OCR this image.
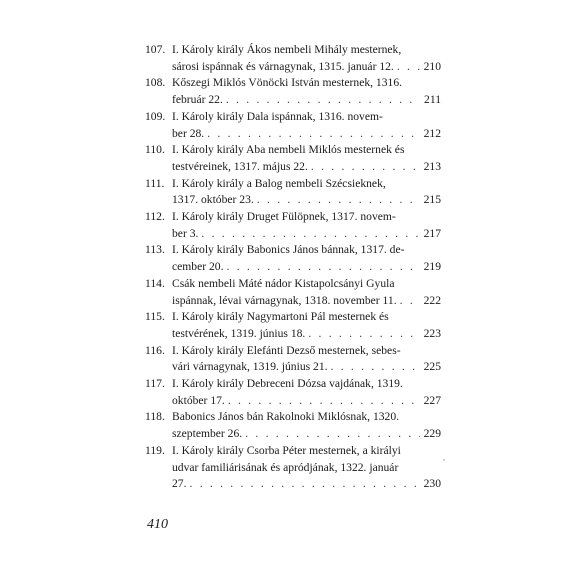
107. I. Károly király Ákos nembeli Mihály mesternek,
sárosi ispánnak és várnagynak, 1315. január 12. . . .	210
108. Kőszegi Miklós Vönöcki István mesternek, 1316.
február 22. . . .	211
109. I. Károly király Dala ispánnak, 1316. novem-
ber 28. . . .	212
110. I. Károly király Aba nembeli Miklós mesternek és
testvéreinek, 1317. május 22. . . .	213
111. I. Károly király a Balog nembeli Szécsieknek,
1317. október 23. . . .	215
112. I. Károly király Druget Fülöpnek, 1317. novem-
ber 3. . . .	217
113. I. Károly király Babonics János bánnak, 1317. de-
cember 20. . . .	219
114. Csák nembeli Máté nádor Kistapolcsányi Gyula
ispánnak, lévai várnagynak, 1318. november 11. . . . 222
115. I. Károly király Nagymartoni Pál mesternek és
testvérének, 1319. június 18. . . .	223
116. I. Károly király Elefánti Dezső mesternek, sebes-
vári várnagynak, 1319. június 21. . . .	225
117. I. Károly király Debreceni Dózsa vajdának, 1319.
október 17. . . .	227
118. Babonics János bán Rakolnoki Miklósnak, 1320.
szeptember 26. . . .	229
119. I. Károly király Csorba Péter mesternek, a királyi
udvar familiárisának és apródjának, 1322. január
27. . . .	230
410
,
